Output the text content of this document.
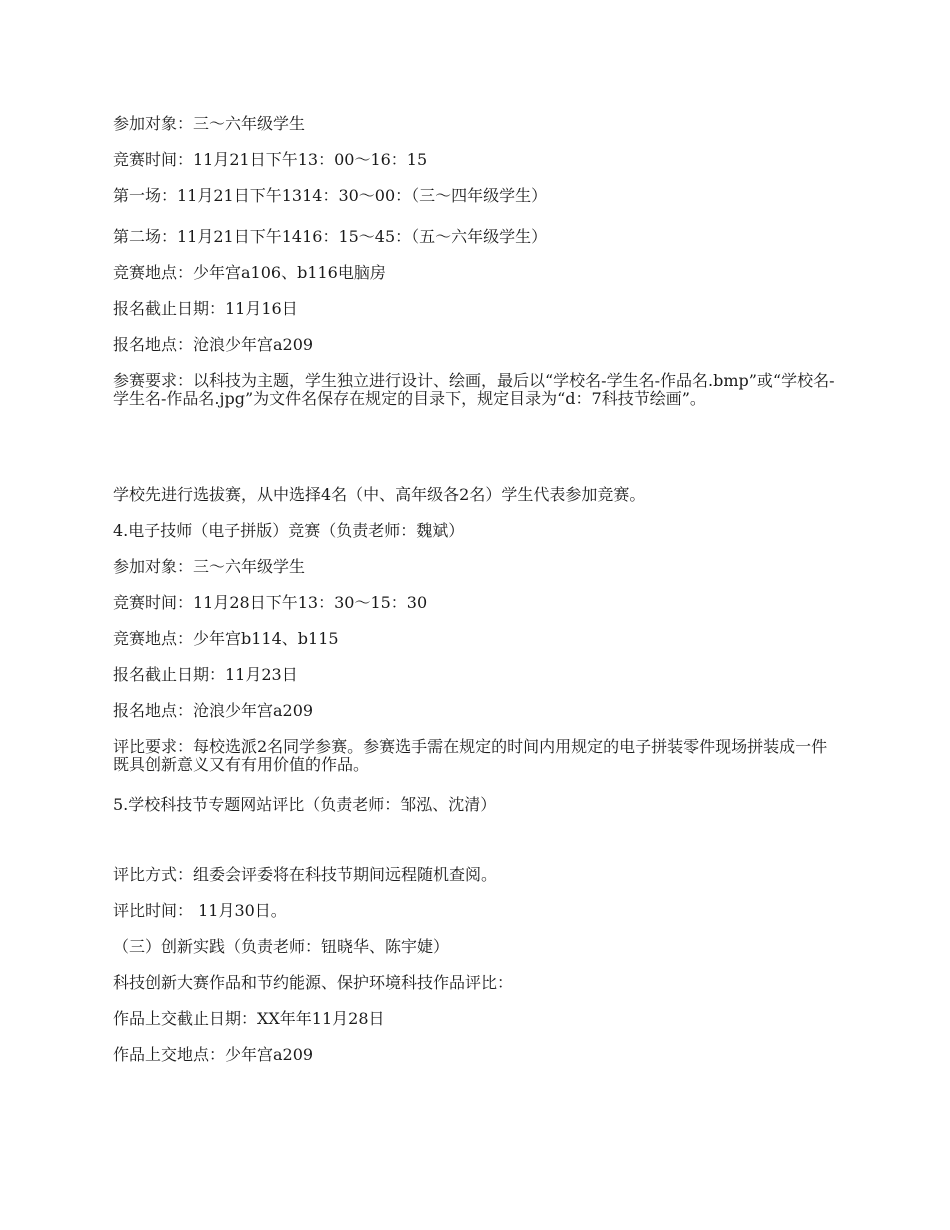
参加对象：三～六年级学生
竞赛时间：11月21日下午13：00～16：15
第一场：11月21日下午1314：30～00：（三～四年级学生）
第二场：11月21日下午1416：15～45：（五～六年级学生）
竞赛地点：少年宫a106、b116电脑房
报名截止日期：11月16日
报名地点：沧浪少年宫a209
参赛要求：以科技为主题，学生独立进行设计、绘画，最后以“学校名-学生名-作品名.bmp”或“学校名-学生名-作品名.jpg”为文件名保存在规定的目录下，规定目录为“d：7科技节绘画”。
学校先进行选拔赛，从中选择4名（中、高年级各2名）学生代表参加竞赛。
4.电子技师（电子拼版）竞赛（负责老师：魏斌）
参加对象：三～六年级学生
竞赛时间：11月28日下午13：30～15：30
竞赛地点：少年宫b114、b115
报名截止日期：11月23日
报名地点：沧浪少年宫a209
评比要求：每校选派2名同学参赛。参赛选手需在规定的时间内用规定的电子拼装零件现场拼装成一件既具创新意义又有有用价值的作品。
5.学校科技节专题网站评比（负责老师：邹泓、沈清）
评比方式：组委会评委将在科技节期间远程随机查阅。
评比时间： 11月30日。
（三）创新实践（负责老师：钮晓华、陈宇婕）
科技创新大赛作品和节约能源、保护环境科技作品评比：
作品上交截止日期：XX年年11月28日
作品上交地点：少年宫a209
